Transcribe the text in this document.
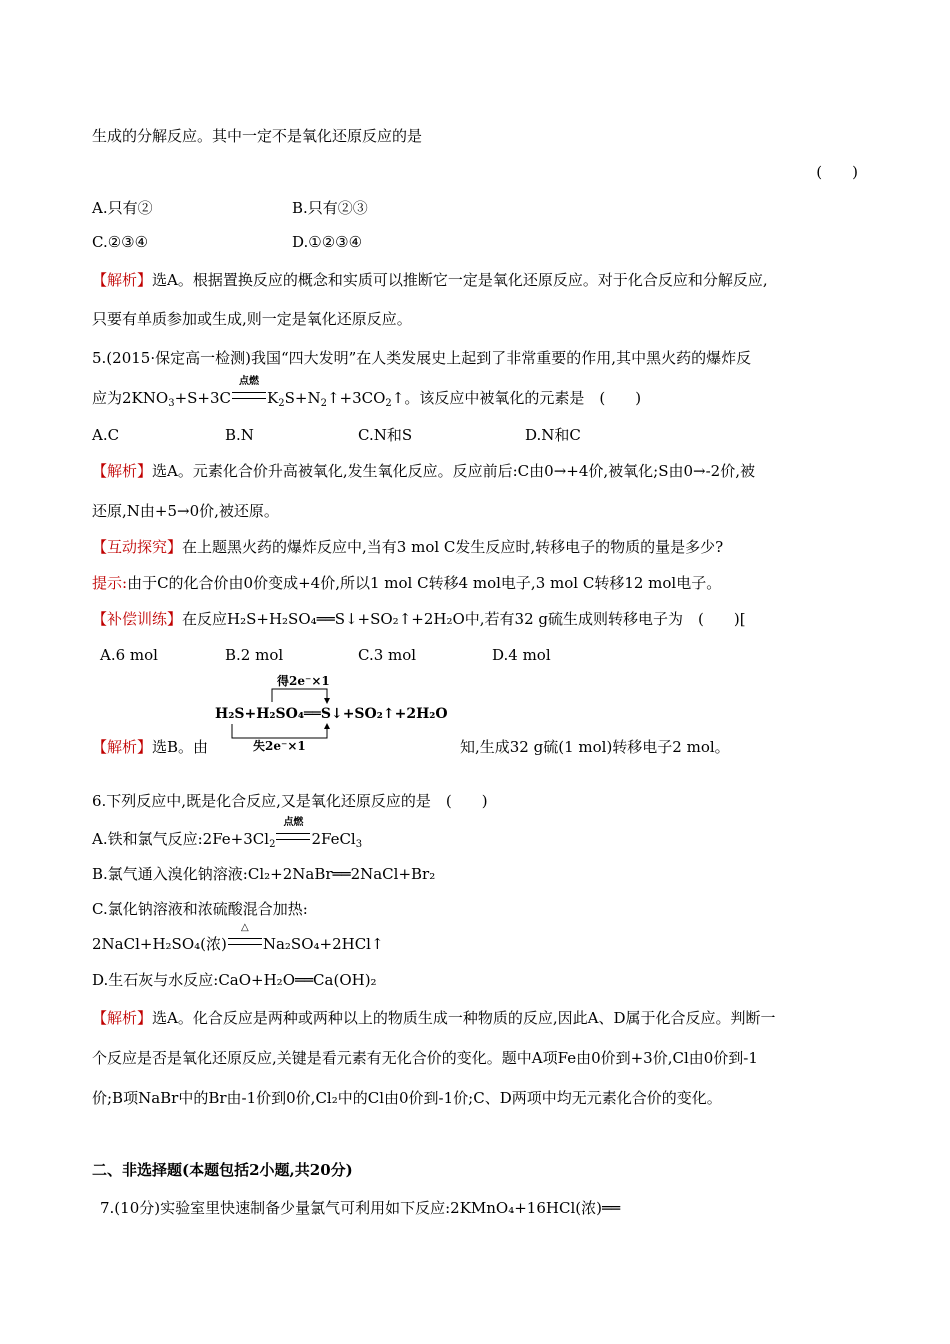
生成的分解反应。其中一定不是氧化还原反应的是
(　　)
A.只有②	B.只有②③
C.②③④	D.①②③④
【解析】选A。根据置换反应的概念和实质可以推断它一定是氧化还原反应。对于化合反应和分解反应,
只要有单质参加或生成,则一定是氧化还原反应。
5.(2015·保定高一检测)我国“四大发明”在人类发展史上起到了非常重要的作用,其中黑火药的爆炸反
应为$2KNO_3+S+3C$
点燃
$K_2S+N_2↑+3CO_2↑$。该反应中被氧化的元素是　(　　)
A.C	B.N	C.N和S	D.N和C
【解析】选A。元素化合价升高被氧化,发生氧化反应。反应前后:C由0→+4价,被氧化;S由0→-2价,被
还原,N由+5→0价,被还原。
【互动探究】在上题黑火药的爆炸反应中,当有3 mol C发生反应时,转移电子的物质的量是多少?
提示:由于C的化合价由0价变成+4价,所以1 mol C转移4 mol电子,3 mol C转移12 mol电子。
【补偿训练】在反应H₂S+H₂SO₄══S↓+SO₂↑+2H₂O中,若有32 g硫生成则转移电子为　(　　)[
A.6 mol	B.2 mol	C.3 mol	D.4 mol
得2e⁻×1
H₂S+H₂SO₄══S↓+SO₂↑+2H₂O
失2e⁻×1
【解析】选B。由	知,生成32 g硫(1 mol)转移电子2 mol。
6.下列反应中,既是化合反应,又是氧化还原反应的是　(　　)
A.铁和氯气反应$:2Fe+3Cl_2$
点燃
2FeCl$_3$
B.氯气通入溴化钠溶液:Cl₂+2NaBr══2NaCl+Br₂
C.氯化钠溶液和浓硫酸混合加热:
2NaCl+H₂SO₄(浓)
△
Na₂SO₄+2HCl↑
D.生石灰与水反应:CaO+H₂O══Ca(OH)₂
【解析】选A。化合反应是两种或两种以上的物质生成一种物质的反应,因此A、D属于化合反应。判断一
个反应是否是氧化还原反应,关键是看元素有无化合价的变化。题中A项Fe由0价到+3价,Cl由0价到-1
价;B项NaBr中的Br由-1价到0价,Cl₂中的Cl由0价到-1价;C、D两项中均无元素化合价的变化。
二、非选择题(本题包括2小题,共20分)
7.(10分)实验室里快速制备少量氯气可利用如下反应:2KMnO₄+16HCl(浓)══
